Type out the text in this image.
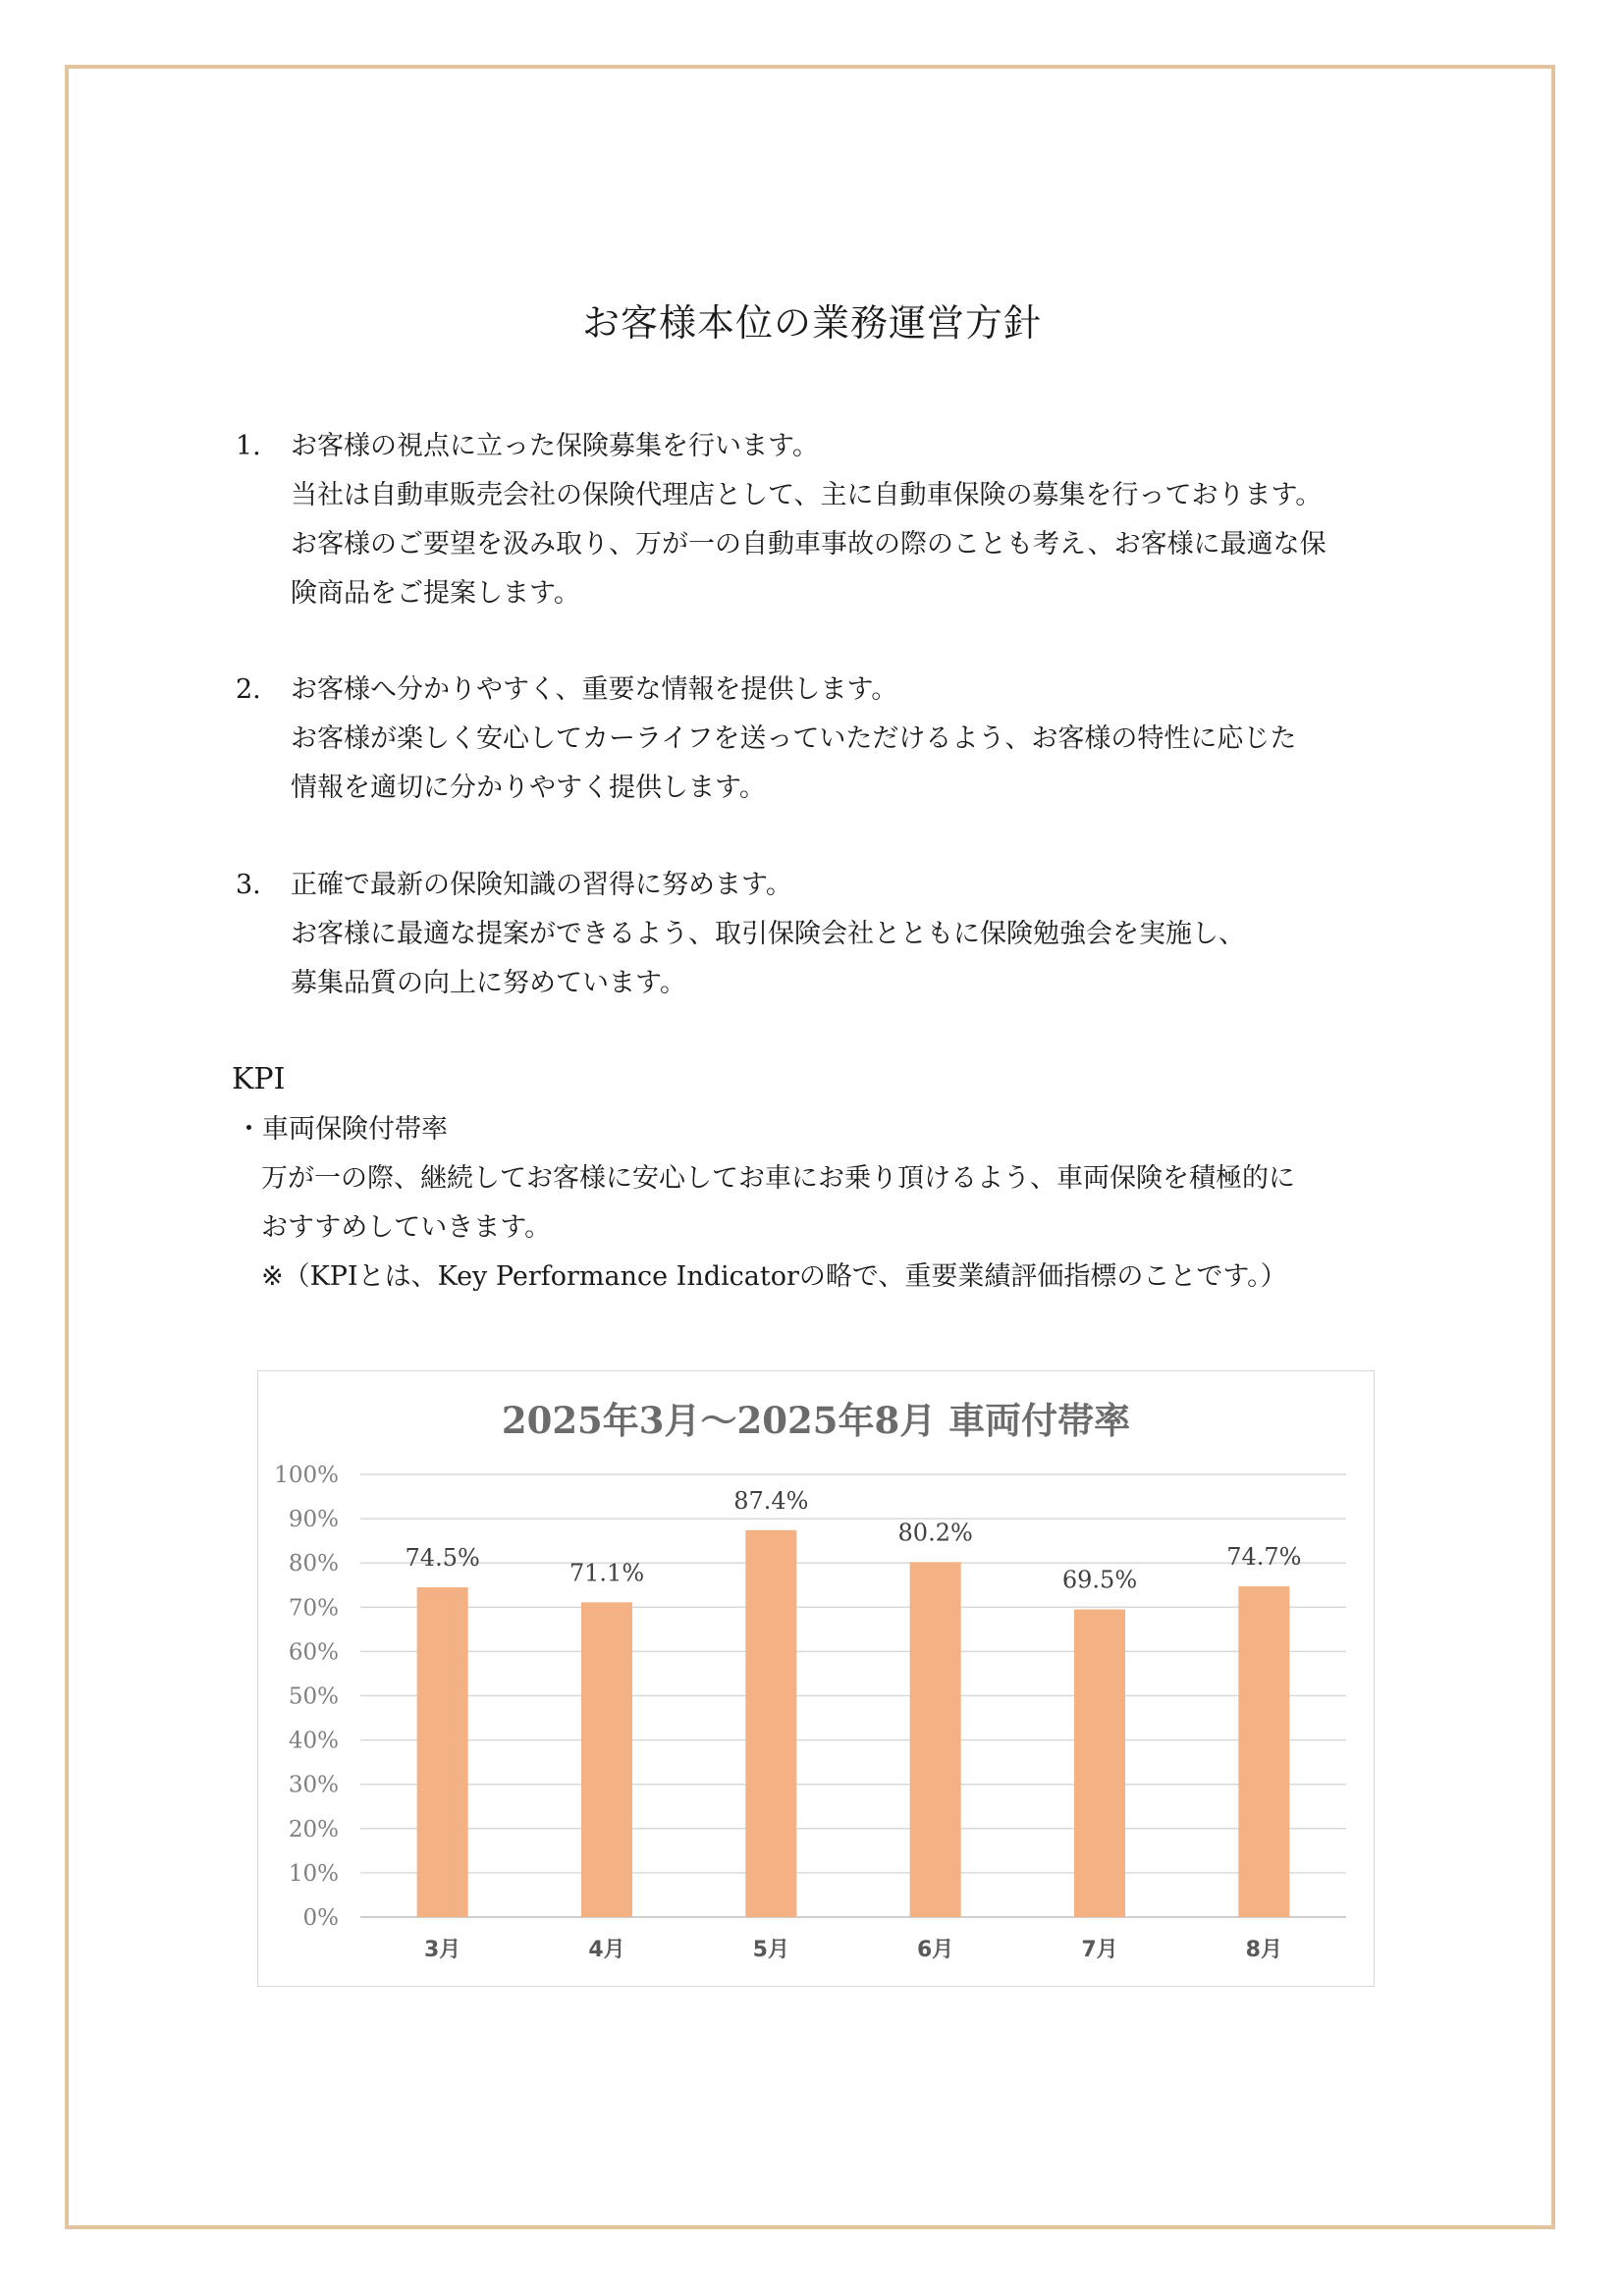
お客様本位の業務運営方針
1.	お客様の視点に立った保険募集を行います。
当社は自動車販売会社の保険代理店として、主に自動車保険の募集を行っております。
お客様のご要望を汲み取り、万が一の自動車事故の際のことも考え、お客様に最適な保
険商品をご提案します。
2.	お客様へ分かりやすく、重要な情報を提供します。
お客様が楽しく安心してカーライフを送っていただけるよう、お客様の特性に応じた
情報を適切に分かりやすく提供します。
3.	正確で最新の保険知識の習得に努めます。
お客様に最適な提案ができるよう、取引保険会社とともに保険勉強会を実施し、
募集品質の向上に努めています。
KPI
・車両保険付帯率
万が一の際、継続してお客様に安心してお車にお乗り頂けるよう、車両保険を積極的に
おすすめしていきます。
※（KPIとは、Key Performance Indicatorの略で、重要業績評価指標のことです。）
2025年3月～2025年8月 車両付帯率
0%
10%
20%
30%
40%
50%
60%
70%
80%
90%
100%
74.5%
3月
71.1%
4月
87.4%
5月
80.2%
6月
69.5%
7月
74.7%
8月
